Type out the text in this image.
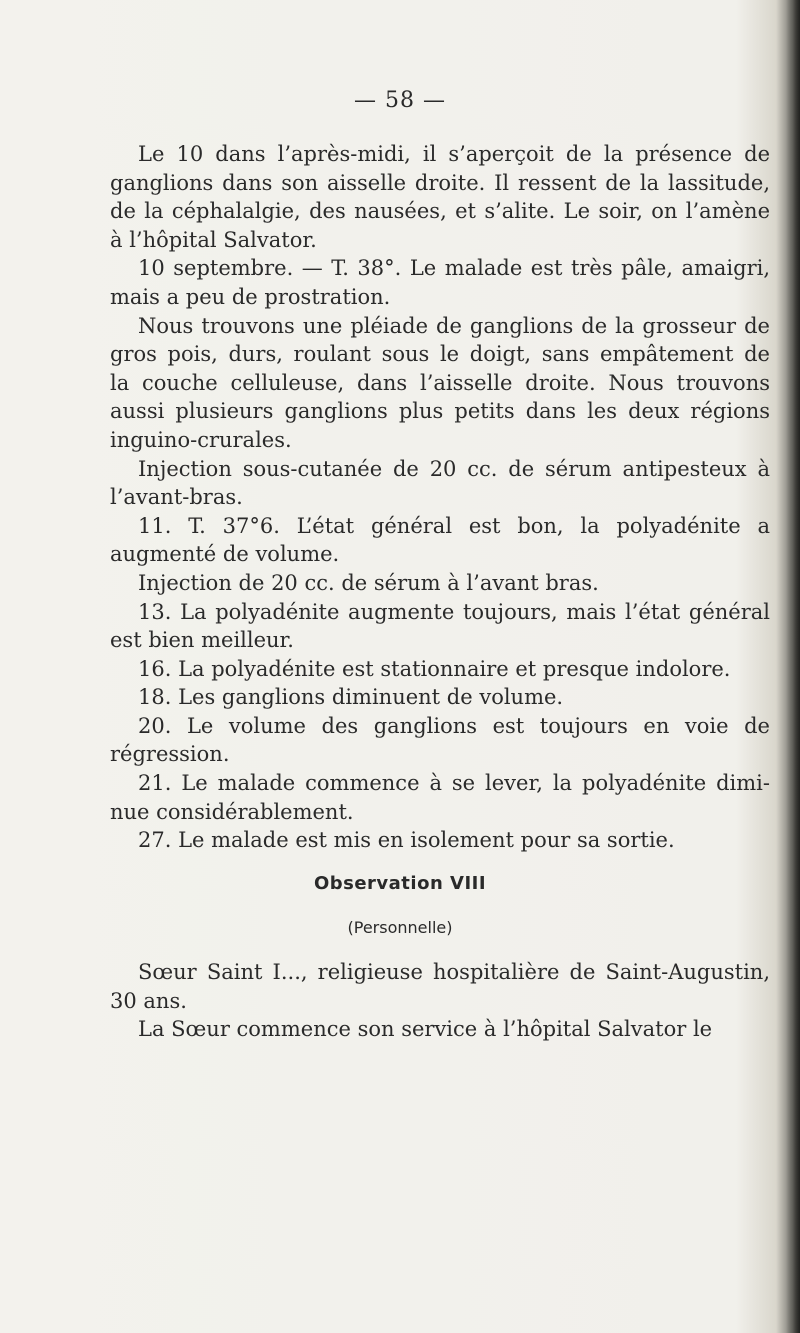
— 58 —
Le 10 dans l’après-midi, il s’aperçoit de la présence de
ganglions dans son aisselle droite. Il ressent de la lassitude,
de la céphalalgie, des nausées, et s’alite. Le soir, on l’amène
à l’hôpital Salvator.
10 septembre. — T. 38°. Le malade est très pâle, amaigri,
mais a peu de prostration.
Nous trouvons une pléiade de ganglions de la grosseur de
gros pois, durs, roulant sous le doigt, sans empâtement de
la couche celluleuse, dans l’aisselle droite. Nous trouvons
aussi plusieurs ganglions plus petits dans les deux régions
inguino-crurales.
Injection sous-cutanée de 20 cc. de sérum antipesteux à
l’avant-bras.
11. T. 37°6. L’état général est bon, la polyadénite a
augmenté de volume.
Injection de 20 cc. de sérum à l’avant bras.
13. La polyadénite augmente toujours, mais l’état général
est bien meilleur.
16. La polyadénite est stationnaire et presque indolore.
18. Les ganglions diminuent de volume.
20. Le volume des ganglions est toujours en voie de
régression.
21. Le malade commence à se lever, la polyadénite dimi-
nue considérablement.
27. Le malade est mis en isolement pour sa sortie.
Observation VIII
(Personnelle)
Sœur Saint I..., religieuse hospitalière de Saint-Augustin,
30 ans.
La Sœur commence son service à l’hôpital Salvator le
